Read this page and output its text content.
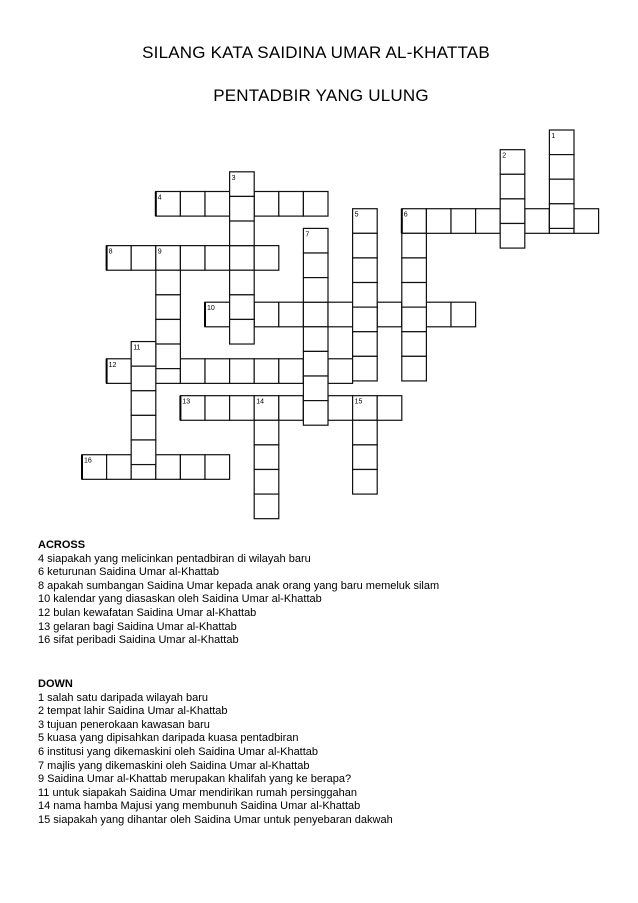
SILANG KATA SAIDINA UMAR AL-KHATTAB
PENTADBIR YANG ULUNG
1
2
3
4
5	6
7
8	9
10
11
12
13	14	15
16
ACROSS
4 siapakah yang melicinkan pentadbiran di wilayah baru
6 keturunan Saidina Umar al-Khattab
8 apakah sumbangan Saidina Umar kepada anak orang yang baru memeluk silam
10 kalendar yang diasaskan oleh Saidina Umar al-Khattab
12 bulan kewafatan Saidina Umar al-Khattab
13 gelaran bagi Saidina Umar al-Khattab
16 sifat peribadi Saidina Umar al-Khattab
DOWN
1 salah satu daripada wilayah baru
2 tempat lahir Saidina Umar al-Khattab
3 tujuan penerokaan kawasan baru
5 kuasa yang dipisahkan daripada kuasa pentadbiran
6 institusi yang dikemaskini oleh Saidina Umar al-Khattab
7 majlis yang dikemaskini oleh Saidina Umar al-Khattab
9 Saidina Umar al-Khattab merupakan khalifah yang ke berapa?
11 untuk siapakah Saidina Umar mendirikan rumah persinggahan
14 nama hamba Majusi yang membunuh Saidina Umar al-Khattab
15 siapakah yang dihantar oleh Saidina Umar untuk penyebaran dakwah
